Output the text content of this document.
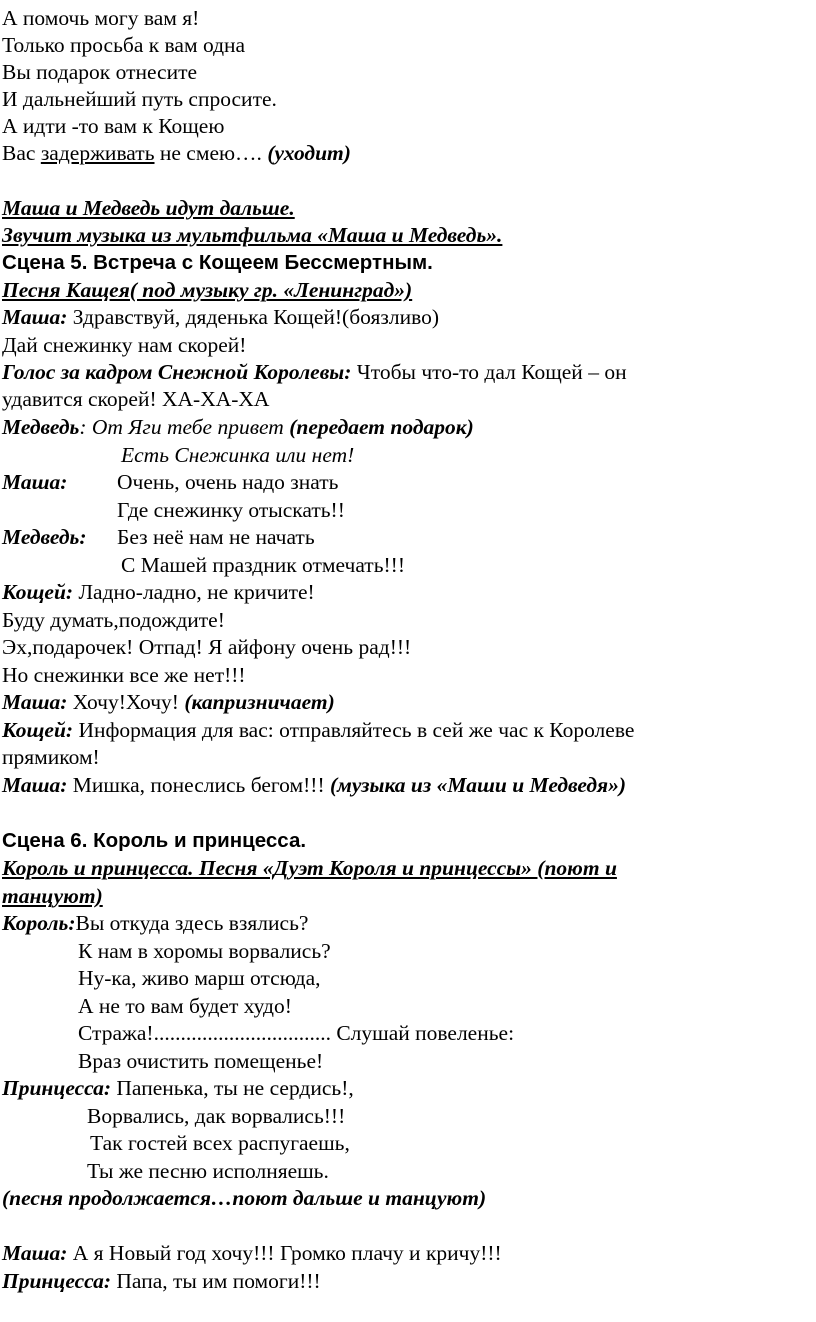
А помочь могу вам я!
Только просьба к вам одна
Вы подарок отнесите
И дальнейший путь спросите.
А идти -то вам к Кощею
Вас задерживать не смею…. (уходит)
Маша и Медведь идут дальше.
Звучит музыка из мультфильма «Маша и Медведь».
Сцена 5. Встреча с Кощеем Бессмертным.
Песня Кащея( под музыку гр. «Ленинград»)
Маша: Здравствуй, дяденька Кощей!(боязливо)
Дай снежинку нам скорей!
Голос за кадром Снежной Королевы: Чтобы что-то дал Кощей – он
удавится скорей! ХА-ХА-ХА
Медведь: От Яги тебе привет (передает подарок)
Есть Снежинка или нет!
Маша: Очень, очень надо знать
Где снежинку отыскать!!
Медведь: Без неё нам не начать
С Машей праздник отмечать!!!
Кощей: Ладно-ладно, не кричите!
Буду думать,подождите!
Эх,подарочек! Отпад! Я айфону очень рад!!!
Но снежинки все же нет!!!
Маша: Хочу!Хочу! (капризничает)
Кощей: Информация для вас: отправляйтесь в сей же час к Королеве
прямиком!
Маша: Мишка, понеслись бегом!!! (музыка из «Маши и Медведя»)
Сцена 6. Король и принцесса.
Король и принцесса. Песня «Дуэт Короля и принцессы» (поют и
танцуют)
Король:Вы откуда здесь взялись?
К нам в хоромы ворвались?
Ну-ка, живо марш отсюда,
А не то вам будет худо!
Стража!................................. Слушай повеленье:
Враз очистить помещенье!
Принцесса: Папенька, ты не сердись!,
Ворвались, дак ворвались!!!
Так гостей всех распугаешь,
Ты же песню исполняешь.
(песня продолжается…поют дальше и танцуют)
Маша: А я Новый год хочу!!! Громко плачу и кричу!!!
Принцесса: Папа, ты им помоги!!!
